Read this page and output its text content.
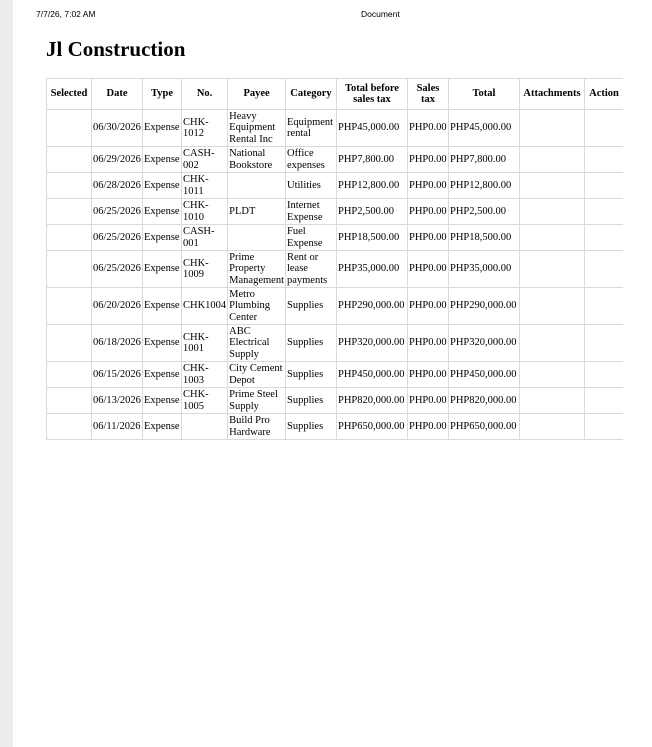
7/7/26, 7:02 AM	Document
Jl Construction
Selected	Date	Type	No.	Payee	Category	Total before sales tax	Sales tax	Total	Attachments	Action
	06/30/2026	Expense	CHK-1012	Heavy Equipment Rental Inc	Equipment rental	PHP45,000.00	PHP0.00	PHP45,000.00		
	06/29/2026	Expense	CASH-002	National Bookstore	Office expenses	PHP7,800.00	PHP0.00	PHP7,800.00		
	06/28/2026	Expense	CHK-1011		Utilities	PHP12,800.00	PHP0.00	PHP12,800.00		
	06/25/2026	Expense	CHK-1010	PLDT	Internet Expense	PHP2,500.00	PHP0.00	PHP2,500.00		
	06/25/2026	Expense	CASH-001		Fuel Expense	PHP18,500.00	PHP0.00	PHP18,500.00		
	06/25/2026	Expense	CHK-1009	Prime Property Management	Rent or lease payments	PHP35,000.00	PHP0.00	PHP35,000.00		
	06/20/2026	Expense	CHK1004	Metro Plumbing Center	Supplies	PHP290,000.00	PHP0.00	PHP290,000.00		
	06/18/2026	Expense	CHK-1001	ABC Electrical Supply	Supplies	PHP320,000.00	PHP0.00	PHP320,000.00		
	06/15/2026	Expense	CHK-1003	City Cement Depot	Supplies	PHP450,000.00	PHP0.00	PHP450,000.00		
	06/13/2026	Expense	CHK-1005	Prime Steel Supply	Supplies	PHP820,000.00	PHP0.00	PHP820,000.00		
	06/11/2026	Expense		Build Pro Hardware	Supplies	PHP650,000.00	PHP0.00	PHP650,000.00		
